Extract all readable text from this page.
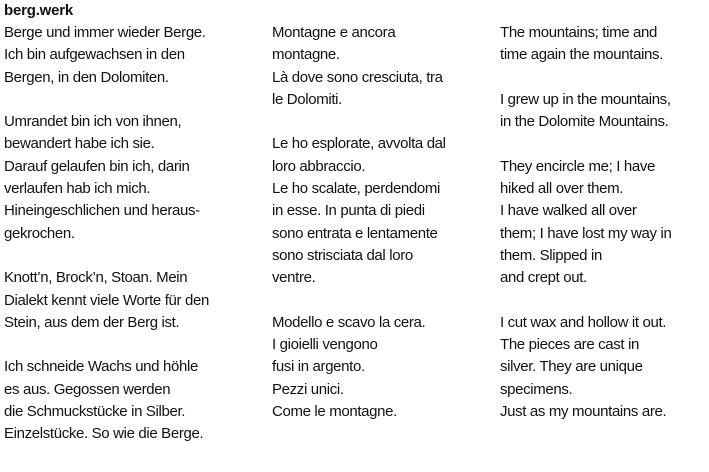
berg.werk
Berge und immer wieder Berge.
Ich bin aufgewachsen in den
Bergen, in den Dolomiten.
Umrandet bin ich von ihnen,
bewandert habe ich sie.
Darauf gelaufen bin ich, darin
verlaufen hab ich mich.
Hineingeschlichen und heraus-
gekrochen.
Knott’n, Brock’n, Stoan. Mein
Dialekt kennt viele Worte für den
Stein, aus dem der Berg ist.
Ich schneide Wachs und höhle
es aus. Gegossen werden
die Schmuckstücke in Silber.
Einzelstücke. So wie die Berge.
Montagne e ancora
montagne.
Là dove sono cresciuta, tra
le Dolomiti.
Le ho esplorate, avvolta dal
loro abbraccio.
Le ho scalate, perdendomi
in esse. In punta di piedi
sono entrata e lentamente
sono strisciata dal loro
ventre.
Modello e scavo la cera.
I gioielli vengono
fusi in argento.
Pezzi unici.
Come le montagne.
The mountains; time and
time again the mountains.
I grew up in the mountains,
in the Dolomite Mountains.
They encircle me; I have
hiked all over them.
I have walked all over
them; I have lost my way in
them. Slipped in
and crept out.
I cut wax and hollow it out.
The pieces are cast in
silver. They are unique
specimens.
Just as my mountains are.
